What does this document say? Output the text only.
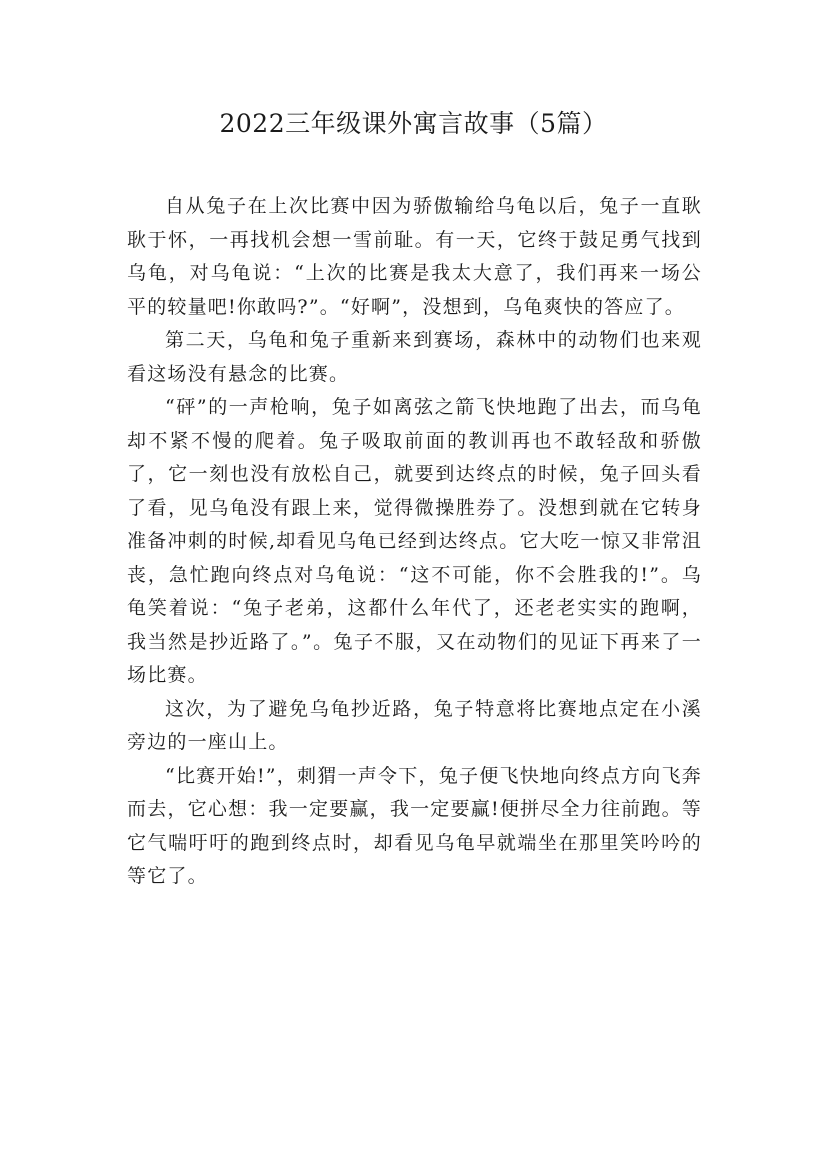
2022三年级课外寓言故事（5篇）

自从兔子在上次比赛中因为骄傲输给乌龟以后，兔子一直耿耿于怀，一再找机会想一雪前耻。有一天，它终于鼓足勇气找到乌龟，对乌龟说：“上次的比赛是我太大意了，我们再来一场公平的较量吧!你敢吗?”。“好啊”，没想到，乌龟爽快的答应了。

第二天，乌龟和兔子重新来到赛场，森林中的动物们也来观看这场没有悬念的比赛。

“砰”的一声枪响，兔子如离弦之箭飞快地跑了出去，而乌龟却不紧不慢的爬着。兔子吸取前面的教训再也不敢轻敌和骄傲了，它一刻也没有放松自己，就要到达终点的时候，兔子回头看了看，见乌龟没有跟上来，觉得微操胜券了。没想到就在它转身准备冲刺的时候,却看见乌龟已经到达终点。它大吃一惊又非常沮丧，急忙跑向终点对乌龟说：“这不可能，你不会胜我的!”。乌龟笑着说：“兔子老弟，这都什么年代了，还老老实实的跑啊，我当然是抄近路了。”。兔子不服，又在动物们的见证下再来了一场比赛。

这次，为了避免乌龟抄近路，兔子特意将比赛地点定在小溪旁边的一座山上。

“比赛开始!”，刺猬一声令下，兔子便飞快地向终点方向飞奔而去，它心想：我一定要赢，我一定要赢!便拼尽全力往前跑。等它气喘吁吁的跑到终点时，却看见乌龟早就端坐在那里笑吟吟的等它了。
